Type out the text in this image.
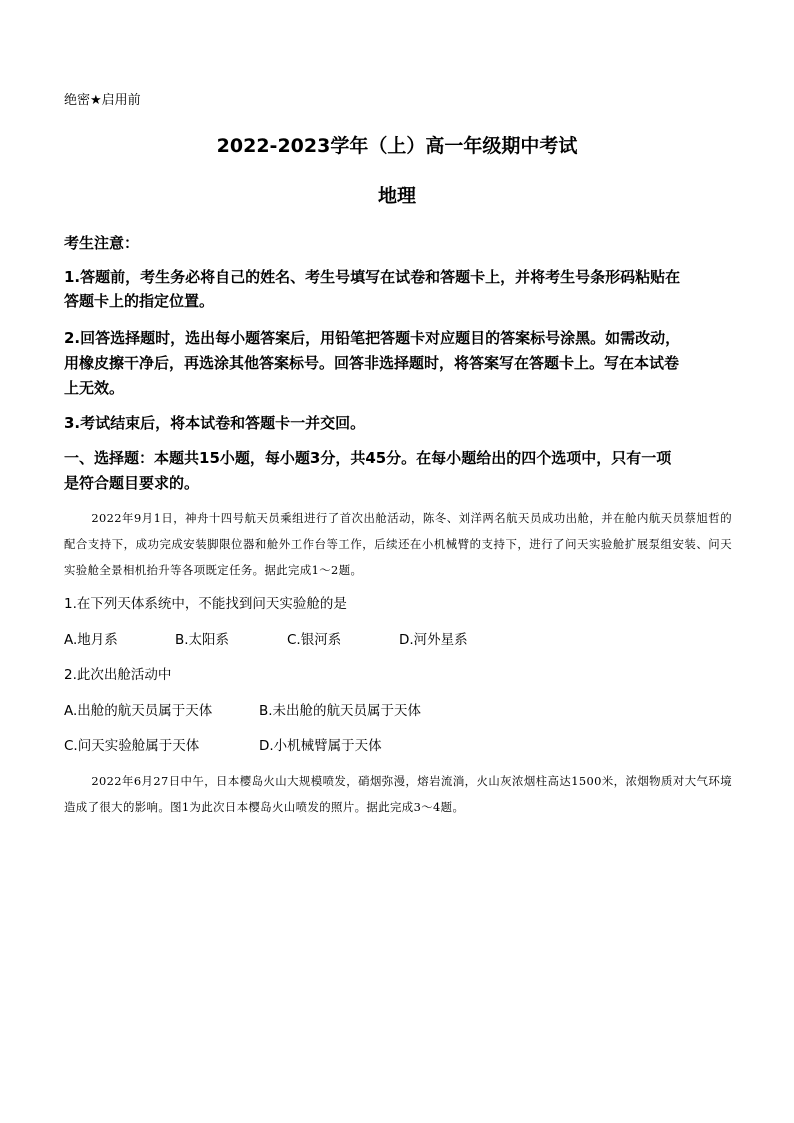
绝密★启用前
2022-2023学年（上）高一年级期中考试
地理
考生注意：
1.答题前，考生务必将自己的姓名、考生号填写在试卷和答题卡上，并将考生号条形码粘贴在
答题卡上的指定位置。
2.回答选择题时，选出每小题答案后，用铅笔把答题卡对应题目的答案标号涂黑。如需改动，
用橡皮擦干净后，再选涂其他答案标号。回答非选择题时，将答案写在答题卡上。写在本试卷
上无效。
3.考试结束后，将本试卷和答题卡一并交回。
一、选择题：本题共15小题，每小题3分，共45分。在每小题给出的四个选项中，只有一项
是符合题目要求的。
2022年9月1日，神舟十四号航天员乘组进行了首次出舱活动，陈冬、刘洋两名航天员成功出舱，并在舱内航天员蔡旭哲的配合支持下，成功完成安装脚限位器和舱外工作台等工作，后续还在小机械臂的支持下，进行了问天实验舱扩展泵组安装、问天实验舱全景相机抬升等各项既定任务。据此完成1～2题。
1.在下列天体系统中，不能找到问天实验舱的是
A.地月系	B.太阳系	C.银河系	D.河外星系
2.此次出舱活动中
A.出舱的航天员属于天体	B.未出舱的航天员属于天体
C.问天实验舱属于天体	D.小机械臂属于天体
2022年6月27日中午，日本樱岛火山大规模喷发，硝烟弥漫，熔岩流淌，火山灰浓烟柱高达1500米，浓烟物质对大气环境造成了很大的影响。图1为此次日本樱岛火山喷发的照片。据此完成3～4题。
